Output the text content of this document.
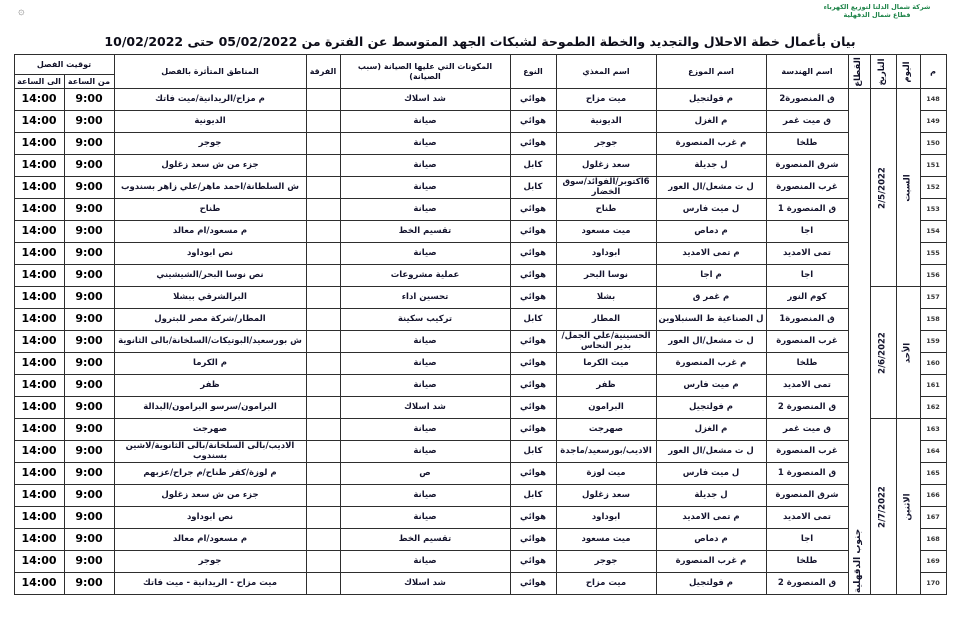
۞	شركة شمال الدلتا لتوزيع الكهرباء
قطاع شمال الدقهلية
بيان بأعمال خطة الاحلال والتجديد والخطة الطموحة لشبكات الجهد المتوسط عن الفترة من 05/02/2022 حتى 10/02/2022
م	اليوم	التاريخ	القطاع	اسم الهندسة	اسم الموزع	اسم المغذي	النوع	المكونات التي عليها الصيانة (سبب الصيانة)	الفرقة	المناطق المتأثرة بالفصل	توقيت الفصل	
											من الساعة	الى الساعة
148	السبت	2/5/2022	جنوب الدقهلية	ق المنصورة2	م فولتجيل	ميت مزاح	هوائي	شد اسلاك		م مزاح/الريدانية/ميت فاتك	9:00	14:00
149				ق ميت غمر	م الغزل	الديونية	هوائي	صيانة		الديونية	9:00	14:00
150				طلخا	م غرب المنصورة	جوجر	هوائي	صيانة		جوجر	9:00	14:00
151				شرق المنصورة	ل جديلة	سعد زغلول	كابل	صيانة		جزء من ش سعد زغلول	9:00	14:00
152				غرب المنصورة	ل ت مشعل/ال العور	6اكتوبر/الفوائد/سوق الخضار	كابل	صيانة		ش السلطانة/احمد ماهر/علي زاهر بسندوب	9:00	14:00
153				ق المنصورة 1	ل ميت فارس	طناح	هوائي	صيانة		طناح	9:00	14:00
154				اجا	م دماص	ميت مسعود	هوائي	تقسيم الخط		م مسعود/ام معالد	9:00	14:00
155				تمى الامديد	م تمى الامديد	ابوداود	هوائي	صيانة		نص ابوداود	9:00	14:00
156				اجا	م اجا	نوسا البحر	هوائي	عملية مشروعات		نص نوسا البحر/الشيشيني	9:00	14:00
157	الأحد	2/6/2022		كوم النور	م غمر ق	بشلا	هوائي	تحسين اداء		البرالشرقي ببشلا	9:00	14:00
158				ق المنصورة1	ل الصناعية ط السنبلاوين	المطار	كابل	تركيب سكينة		المطار/شركة مصر للبترول	9:00	14:00
159				غرب المنصورة	ل ت مشعل/ال العور	الحسينية/علي الجمل/بدير النحاس	هوائي	صيانة		ش بورسعيد/البوتيكات/السلخانة/بالى الثانوية	9:00	14:00
160				طلخا	م غرب المنصورة	ميت الكرما	هوائي	صيانة		م الكرما	9:00	14:00
161				تمى الامديد	م ميت فارس	ظفر	هوائي	صيانة		ظفر	9:00	14:00
162				ق المنصورة 2	م فولتجيل	البرامون	هوائي	شد اسلاك		البرامون/سرسو البرامون/البدالة	9:00	14:00
163	الاثنين	2/7/2022		ق ميت غمر	م الغزل	صهرجت	هوائي	صيانة		صهرجت	9:00	14:00
164				غرب المنصورة	ل ت مشعل/ال العور	الاديب/بورسعيد/ماجدة	كابل	صيانة		الاديب/بالى السلخانة/بالى الثانوية/لاشين بسندوب	9:00	14:00
165				ق المنصورة 1	ل ميت فارس	ميت لوزة	هوائي	ص		م لوزة/كفر طناح/م جراح/عزبهم	9:00	14:00
166				شرق المنصورة	ل جديلة	سعد زغلول	كابل	صيانة		جزء من ش سعد زغلول	9:00	14:00
167				تمى الامديد	م تمى الامديد	ابوداود	هوائي	صيانة		نص ابوداود	9:00	14:00
168				اجا	م دماص	ميت مسعود	هوائي	تقسيم الخط		م مسعود/ام معالد	9:00	14:00
169				طلخا	م غرب المنصورة	جوجر	هوائي	صيانة		جوجر	9:00	14:00
170				ق المنصورة 2	م فولتجيل	ميت مزاح	هوائي	شد اسلاك		ميت مزاح - الريدانية - ميت فاتك	9:00	14:00
